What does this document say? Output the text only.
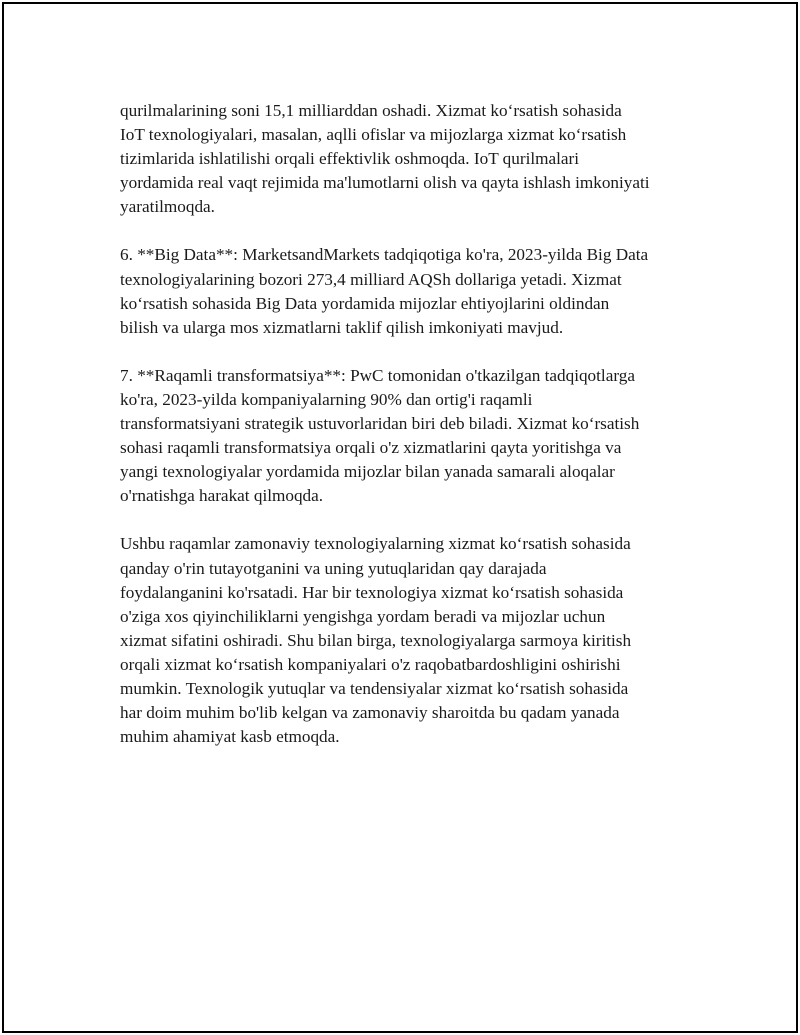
qurilmalarining soni 15,1 milliarddan oshadi. Xizmat ko‘rsatish sohasida
IoT texnologiyalari, masalan, aqlli ofislar va mijozlarga xizmat ko‘rsatish
tizimlarida ishlatilishi orqali effektivlik oshmoqda. IoT qurilmalari
yordamida real vaqt rejimida ma'lumotlarni olish va qayta ishlash imkoniyati
yaratilmoqda.

6. **Big Data**: MarketsandMarkets tadqiqotiga ko'ra, 2023-yilda Big Data
texnologiyalarining bozori 273,4 milliard AQSh dollariga yetadi. Xizmat
ko‘rsatish sohasida Big Data yordamida mijozlar ehtiyojlarini oldindan
bilish va ularga mos xizmatlarni taklif qilish imkoniyati mavjud.

7. **Raqamli transformatsiya**: PwC tomonidan o'tkazilgan tadqiqotlarga
ko'ra, 2023-yilda kompaniyalarning 90% dan ortig'i raqamli
transformatsiyani strategik ustuvorlaridan biri deb biladi. Xizmat ko‘rsatish
sohasi raqamli transformatsiya orqali o'z xizmatlarini qayta yoritishga va
yangi texnologiyalar yordamida mijozlar bilan yanada samarali aloqalar
o'rnatishga harakat qilmoqda.

Ushbu raqamlar zamonaviy texnologiyalarning xizmat ko‘rsatish sohasida
qanday o'rin tutayotganini va uning yutuqlaridan qay darajada
foydalanganini ko'rsatadi. Har bir texnologiya xizmat ko‘rsatish sohasida
o'ziga xos qiyinchiliklarni yengishga yordam beradi va mijozlar uchun
xizmat sifatini oshiradi. Shu bilan birga, texnologiyalarga sarmoya kiritish
orqali xizmat ko‘rsatish kompaniyalari o'z raqobatbardoshligini oshirishi
mumkin. Texnologik yutuqlar va tendensiyalar xizmat ko‘rsatish sohasida
har doim muhim bo'lib kelgan va zamonaviy sharoitda bu qadam yanada
muhim ahamiyat kasb etmoqda.
